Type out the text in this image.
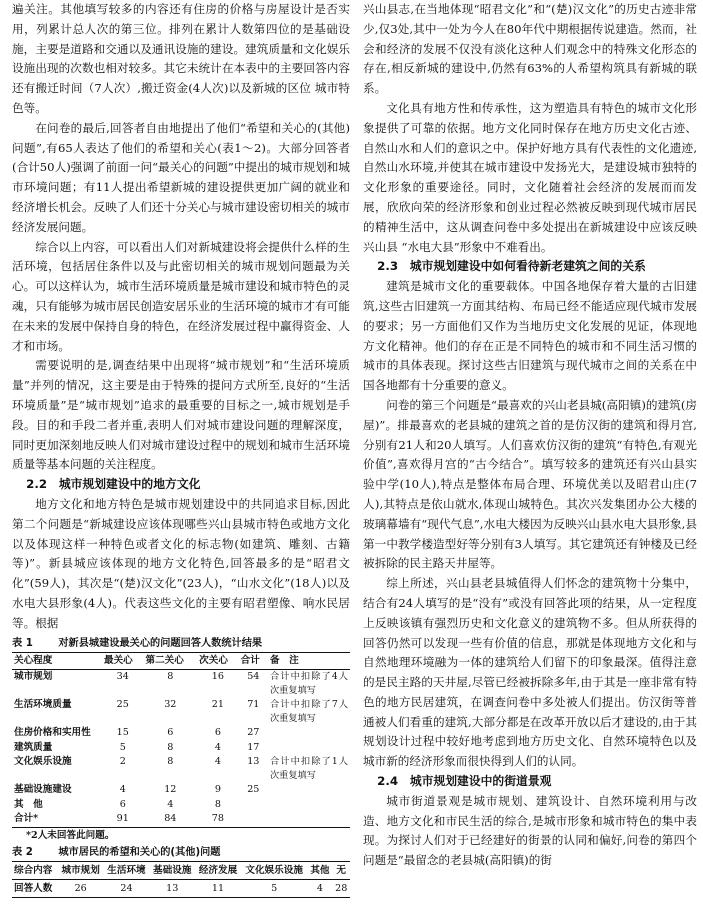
遍关注。其他填写较多的内容还有住房的价格与房屋设计是否实用，列累计总人次的第三位。排列在累计人数第四位的是基础设施，主要是道路和交通以及通讯设施的建设。建筑质量和文化娱乐设施出现的次数也相对较多。其它未统计在本表中的主要回答内容还有搬迁时间（7人次）,搬迁资金(4人次)以及新城的区位 城市特色等。

在问卷的最后,回答者自由地提出了他们“希望和关心的(其他)问题”,有65人表达了他们的希望和关心(表1～2)。大部分回答者(合计50人)强调了前面一问“最关心的问题”中提出的城市规划和城市环境问题；有11人提出希望新城的建设提供更加广阔的就业和经济增长机会。反映了人们还十分关心与城市建设密切相关的城市经济发展问题。

综合以上内容，可以看出人们对新城建设将会提供什么样的生活环境，包括居住条件以及与此密切相关的城市规划问题最为关心。可以这样认为，城市生活环境质量是城市建设和城市特色的灵魂，只有能够为城市居民创造安居乐业的生活环境的城市才有可能在未来的发展中保持自身的特色，在经济发展过程中赢得资金、人才和市场。

需要说明的是,调查结果中出现将“城市规划”和“生活环境质量”并列的情况，这主要是由于特殊的提问方式所至,良好的“生活环境质量”是“城市规划”追求的最重要的目标之一,城市规划是手段。目的和手段二者并重,表明人们对城市建设问题的理解深度，同时更加深刻地反映人们对城市建设过程中的规划和城市生活环境质量等基本问题的关注程度。

2.2　城市规划建设中的地方文化

地方文化和地方特色是城市规划建设中的共同追求目标,因此第二个问题是“新城建设应该体现哪些兴山县城市特色或地方文化以及体现这样一种特色或者文化的标志物(如建筑、雕刻、古籍等)”。新县城应该体现的地方文化特色,回答最多的是“昭君文化”(59人)，其次是“(楚)汉文化”(23人)，“山水文化”(18人)以及水电大县形象(4人)。代表这些文化的主要有昭君塑像、响水民居等。根据

表 1	对新县城建设最关心的问题回答人数统计结果
关心程度	最关心	第二关心	次关心	合计	备　注
城市规划	34	8	16	54	合计中扣除了4人次重复填写
生活环境质量	25	32	21	71	合计中扣除了7人次重复填写
住房价格和实用性	15	6	6	27	
建筑质量	5	8	4	17	
文化娱乐设施	2	8	4	13	合计中扣除了1人次重复填写
基础设施建设	4	12	9	25	
其　他	6	4	8		
合计*	91	84	78		
*2人未回答此问题。
表 2	城市居民的希望和关心的(其他)问题
综合内容	城市规划	生活环境	基础设施	经济发展	文化娱乐设施	其他	无
回答人数	26	24	13	11	5	4	28

兴山县志,在当地体现“昭君文化”和“(楚)汉文化”的历史古迹非常少,仅3处,其中一处为今人在80年代中期根据传说建造。然而，社会和经济的发展不仅没有淡化这种人们观念中的特殊文化形态的存在,相反新城的建设中,仍然有63%的人希望构筑具有新城的联系。

文化具有地方性和传承性，这为塑造具有特色的城市文化形象提供了可靠的依据。地方文化同时保存在地方历史文化古迹、自然山水和人们的意识之中。保护好地方具有代表性的文化遗迹,自然山水环境,并使其在城市建设中发扬光大，是建设城市独特的文化形象的重要途径。同时，文化随着社会经济的发展而而发展，欣欣向荣的经济形象和创业过程必然被反映到现代城市居民的精神生活中，这从调查问卷中多处提出在新城建设中应该反映兴山县 “水电大县”形象中不难看出。

2.3　城市规划建设中如何看待新老建筑之间的关系

建筑是城市文化的重要载体。中国各地保存着大量的古旧建筑,这些古旧建筑一方面其结构、布局已经不能适应现代城市发展的要求；另一方面他们又作为当地历史文化发展的见证，体现地方文化精神。他们的存在正是不同特色的城市和不同生活习惯的城市的具体表现。探讨这些古旧建筑与现代城市之间的关系在中国各地都有十分重要的意义。

问卷的第三个问题是“最喜欢的兴山老县城(高阳镇)的建筑(房屋)”。排最喜欢的老县城的建筑之首的是仿汉街的建筑和得月宫,分别有21人和20人填写。人们喜欢仿汉街的建筑“有特色,有观光价值”,喜欢得月宫的“古今结合”。填写较多的建筑还有兴山县实验中学(10人),特点是整体布局合理、环境优美以及昭君山庄(7人),其特点是依山就水,体现山城特色。其次兴发集团办公大楼的玻璃幕墙有“现代气息”,水电大楼因为反映兴山县水电大县形象,县第一中教学楼造型好等分别有3人填写。其它建筑还有钟楼及已经被拆除的民主路天井屋等。

综上所述，兴山县老县城值得人们怀念的建筑物十分集中，结合有24人填写的是“没有”或没有回答此项的结果，从一定程度上反映该镇有强烈历史和文化意义的建筑物不多。但从所获得的回答仍然可以发现一些有价值的信息，那就是体现地方文化和与自然地理环境融为一体的建筑给人们留下的印象最深。值得注意的是民主路的天井屋,尽管已经被拆除多年,由于其是一座非常有特色的地方民居建筑，在调查问卷中多处被人们提出。仿汉街等普通被人们看重的建筑,大部分都是在改革开放以后才建设的,由于其规划设计过程中较好地考虑到地方历史文化、自然环境特色以及城市新的经济形象而很快得到人们的认同。

2.4　城市规划建设中的街道景观

城市街道景观是城市规划、建筑设计、自然环境利用与改造、地方文化和市民生活的综合,是城市形象和城市特色的集中表现。为探讨人们对于已经建好的街景的认同和偏好,问卷的第四个问题是“最留念的老县城(高阳镇)的街
